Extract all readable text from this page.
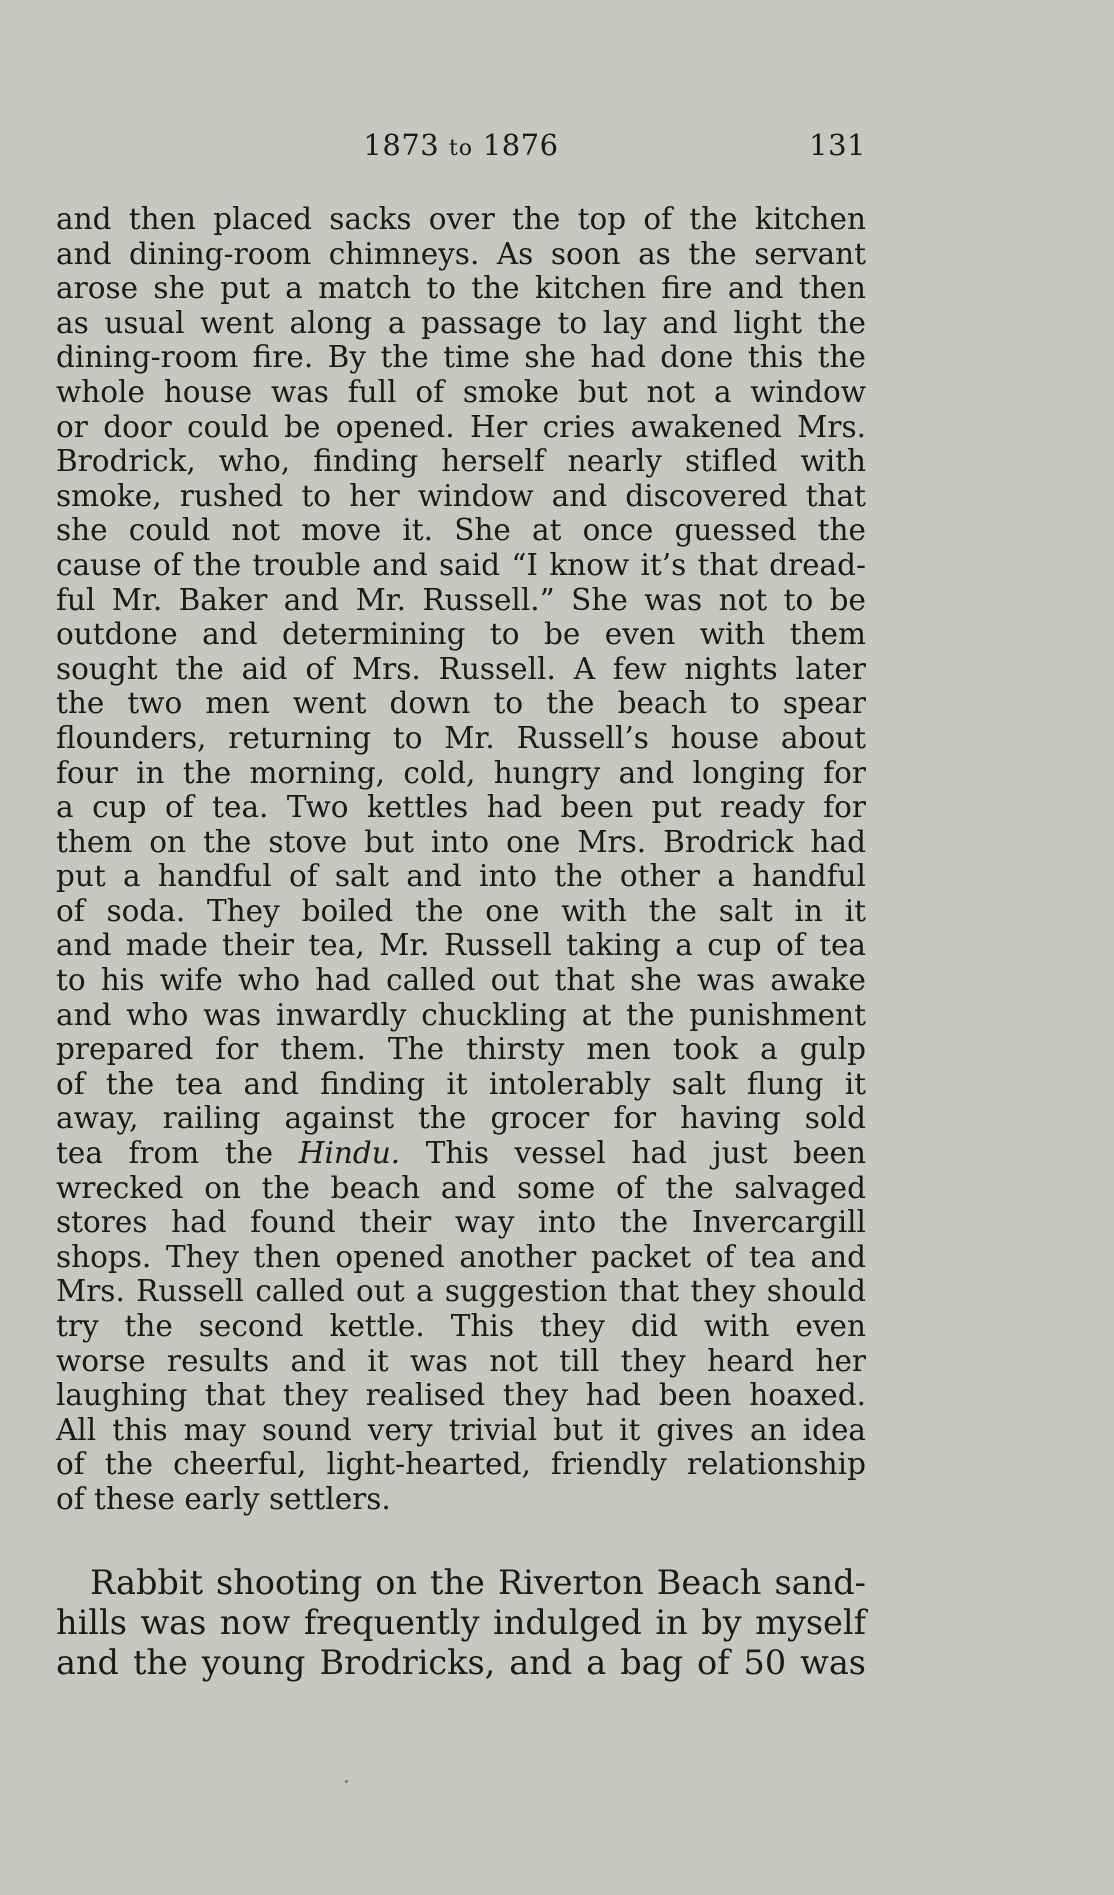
1873 to 1876	131
and then placed sacks over the top of the kitchen
and dining-room chimneys. As soon as the servant
arose she put a match to the kitchen fire and then
as usual went along a passage to lay and light the
dining-room fire. By the time she had done this the
whole house was full of smoke but not a window
or door could be opened. Her cries awakened Mrs.
Brodrick, who, finding herself nearly stifled with
smoke, rushed to her window and discovered that
she could not move it. She at once guessed the
cause of the trouble and said “I know it’s that dread-
ful Mr. Baker and Mr. Russell.” She was not to be
outdone and determining to be even with them
sought the aid of Mrs. Russell. A few nights later
the two men went down to the beach to spear
flounders, returning to Mr. Russell’s house about
four in the morning, cold, hungry and longing for
a cup of tea. Two kettles had been put ready for
them on the stove but into one Mrs. Brodrick had
put a handful of salt and into the other a handful
of soda. They boiled the one with the salt in it
and made their tea, Mr. Russell taking a cup of tea
to his wife who had called out that she was awake
and who was inwardly chuckling at the punishment
prepared for them. The thirsty men took a gulp
of the tea and finding it intolerably salt flung it
away, railing against the grocer for having sold
tea from the Hindu. This vessel had just been
wrecked on the beach and some of the salvaged
stores had found their way into the Invercargill
shops. They then opened another packet of tea and
Mrs. Russell called out a suggestion that they should
try the second kettle. This they did with even
worse results and it was not till they heard her
laughing that they realised they had been hoaxed.
All this may sound very trivial but it gives an idea
of the cheerful, light-hearted, friendly relationship
of these early settlers.
Rabbit shooting on the Riverton Beach sand-
hills was now frequently indulged in by myself
and the young Brodricks, and a bag of 50 was
